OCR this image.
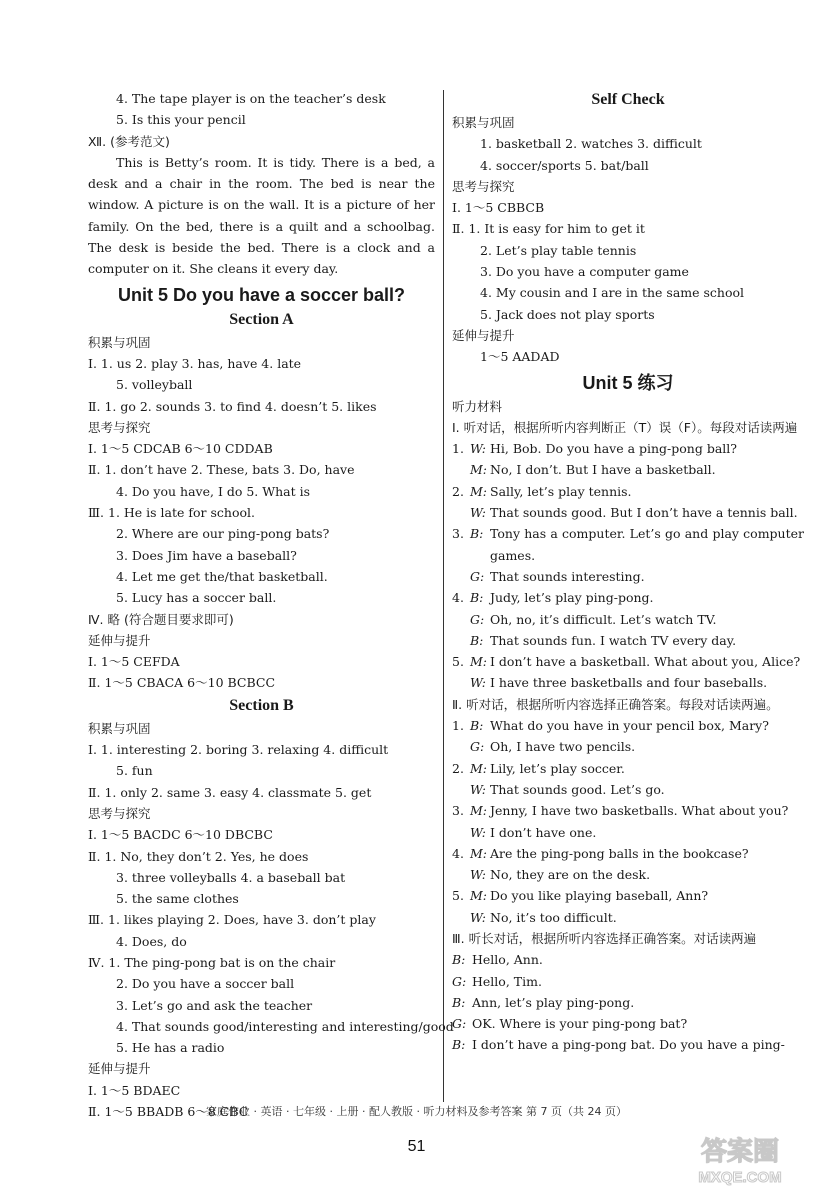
4. The tape player is on the teacher’s desk
5. Is this your pencil
Ⅻ. (参考范文)
This is Betty’s room. It is tidy. There is a bed, a desk and a chair in the room. The bed is near the window. A picture is on the wall. It is a picture of her family. On the bed, there is a quilt and a schoolbag. The desk is beside the bed. There is a clock and a computer on it. She cleans it every day.
Unit 5 Do you have a soccer ball?
Section A
积累与巩固
Ⅰ. 1. us 2. play 3. has, have 4. late
5. volleyball
Ⅱ. 1. go 2. sounds 3. to find 4. doesn’t 5. likes
思考与探究
Ⅰ. 1～5 CDCAB 6～10 CDDAB
Ⅱ. 1. don’t have 2. These, bats 3. Do, have
4. Do you have, I do 5. What is
Ⅲ. 1. He is late for school.
2. Where are our ping-pong bats?
3. Does Jim have a baseball?
4. Let me get the/that basketball.
5. Lucy has a soccer ball.
Ⅳ. 略 (符合题目要求即可)
延伸与提升
Ⅰ. 1～5 CEFDA
Ⅱ. 1～5 CBACA 6～10 BCBCC
Section B
积累与巩固
Ⅰ. 1. interesting 2. boring 3. relaxing 4. difficult
5. fun
Ⅱ. 1. only 2. same 3. easy 4. classmate 5. get
思考与探究
Ⅰ. 1～5 BACDC 6～10 DBCBC
Ⅱ. 1. No, they don’t 2. Yes, he does
3. three volleyballs 4. a baseball bat
5. the same clothes
Ⅲ. 1. likes playing 2. Does, have 3. don’t play
4. Does, do
Ⅳ. 1. The ping-pong bat is on the chair
2. Do you have a soccer ball
3. Let’s go and ask the teacher
4. That sounds good/interesting and interesting/good
5. He has a radio
延伸与提升
Ⅰ. 1～5 BDAEC
Ⅱ. 1～5 BBADB 6～8 CBC
Self Check
积累与巩固
1. basketball 2. watches 3. difficult
4. soccer/sports 5. bat/ball
思考与探究
Ⅰ. 1～5 CBBCB
Ⅱ. 1. It is easy for him to get it
2. Let’s play table tennis
3. Do you have a computer game
4. My cousin and I are in the same school
5. Jack does not play sports
延伸与提升
1～5 AADAD
Unit 5 练习
听力材料
Ⅰ. 听对话，根据所听内容判断正（T）误（F）。每段对话读两遍
1. W: Hi, Bob. Do you have a ping-pong ball?
M: No, I don’t. But I have a basketball.
2. M: Sally, let’s play tennis.
W: That sounds good. But I don’t have a tennis ball.
3. B: Tony has a computer. Let’s go and play computer games.
G: That sounds interesting.
4. B: Judy, let’s play ping-pong.
G: Oh, no, it’s difficult. Let’s watch TV.
B: That sounds fun. I watch TV every day.
5. M: I don’t have a basketball. What about you, Alice?
W: I have three basketballs and four baseballs.
Ⅱ. 听对话，根据所听内容选择正确答案。每段对话读两遍。
1. B: What do you have in your pencil box, Mary?
G: Oh, I have two pencils.
2. M: Lily, let’s play soccer.
W: That sounds good. Let’s go.
3. M: Jenny, I have two basketballs. What about you?
W: I don’t have one.
4. M: Are the ping-pong balls in the bookcase?
W: No, they are on the desk.
5. M: Do you like playing baseball, Ann?
W: No, it’s too difficult.
Ⅲ. 听长对话，根据所听内容选择正确答案。对话读两遍
B: Hello, Ann.
G: Hello, Tim.
B: Ann, let’s play ping-pong.
G: OK. Where is your ping-pong bat?
B: I don’t have a ping-pong bat. Do you have a ping-
家庭作业 · 英语 · 七年级 · 上册 · 配人教版 · 听力材料及参考答案 第 7 页（共 24 页）
51	答案圈
MXQE.COM
